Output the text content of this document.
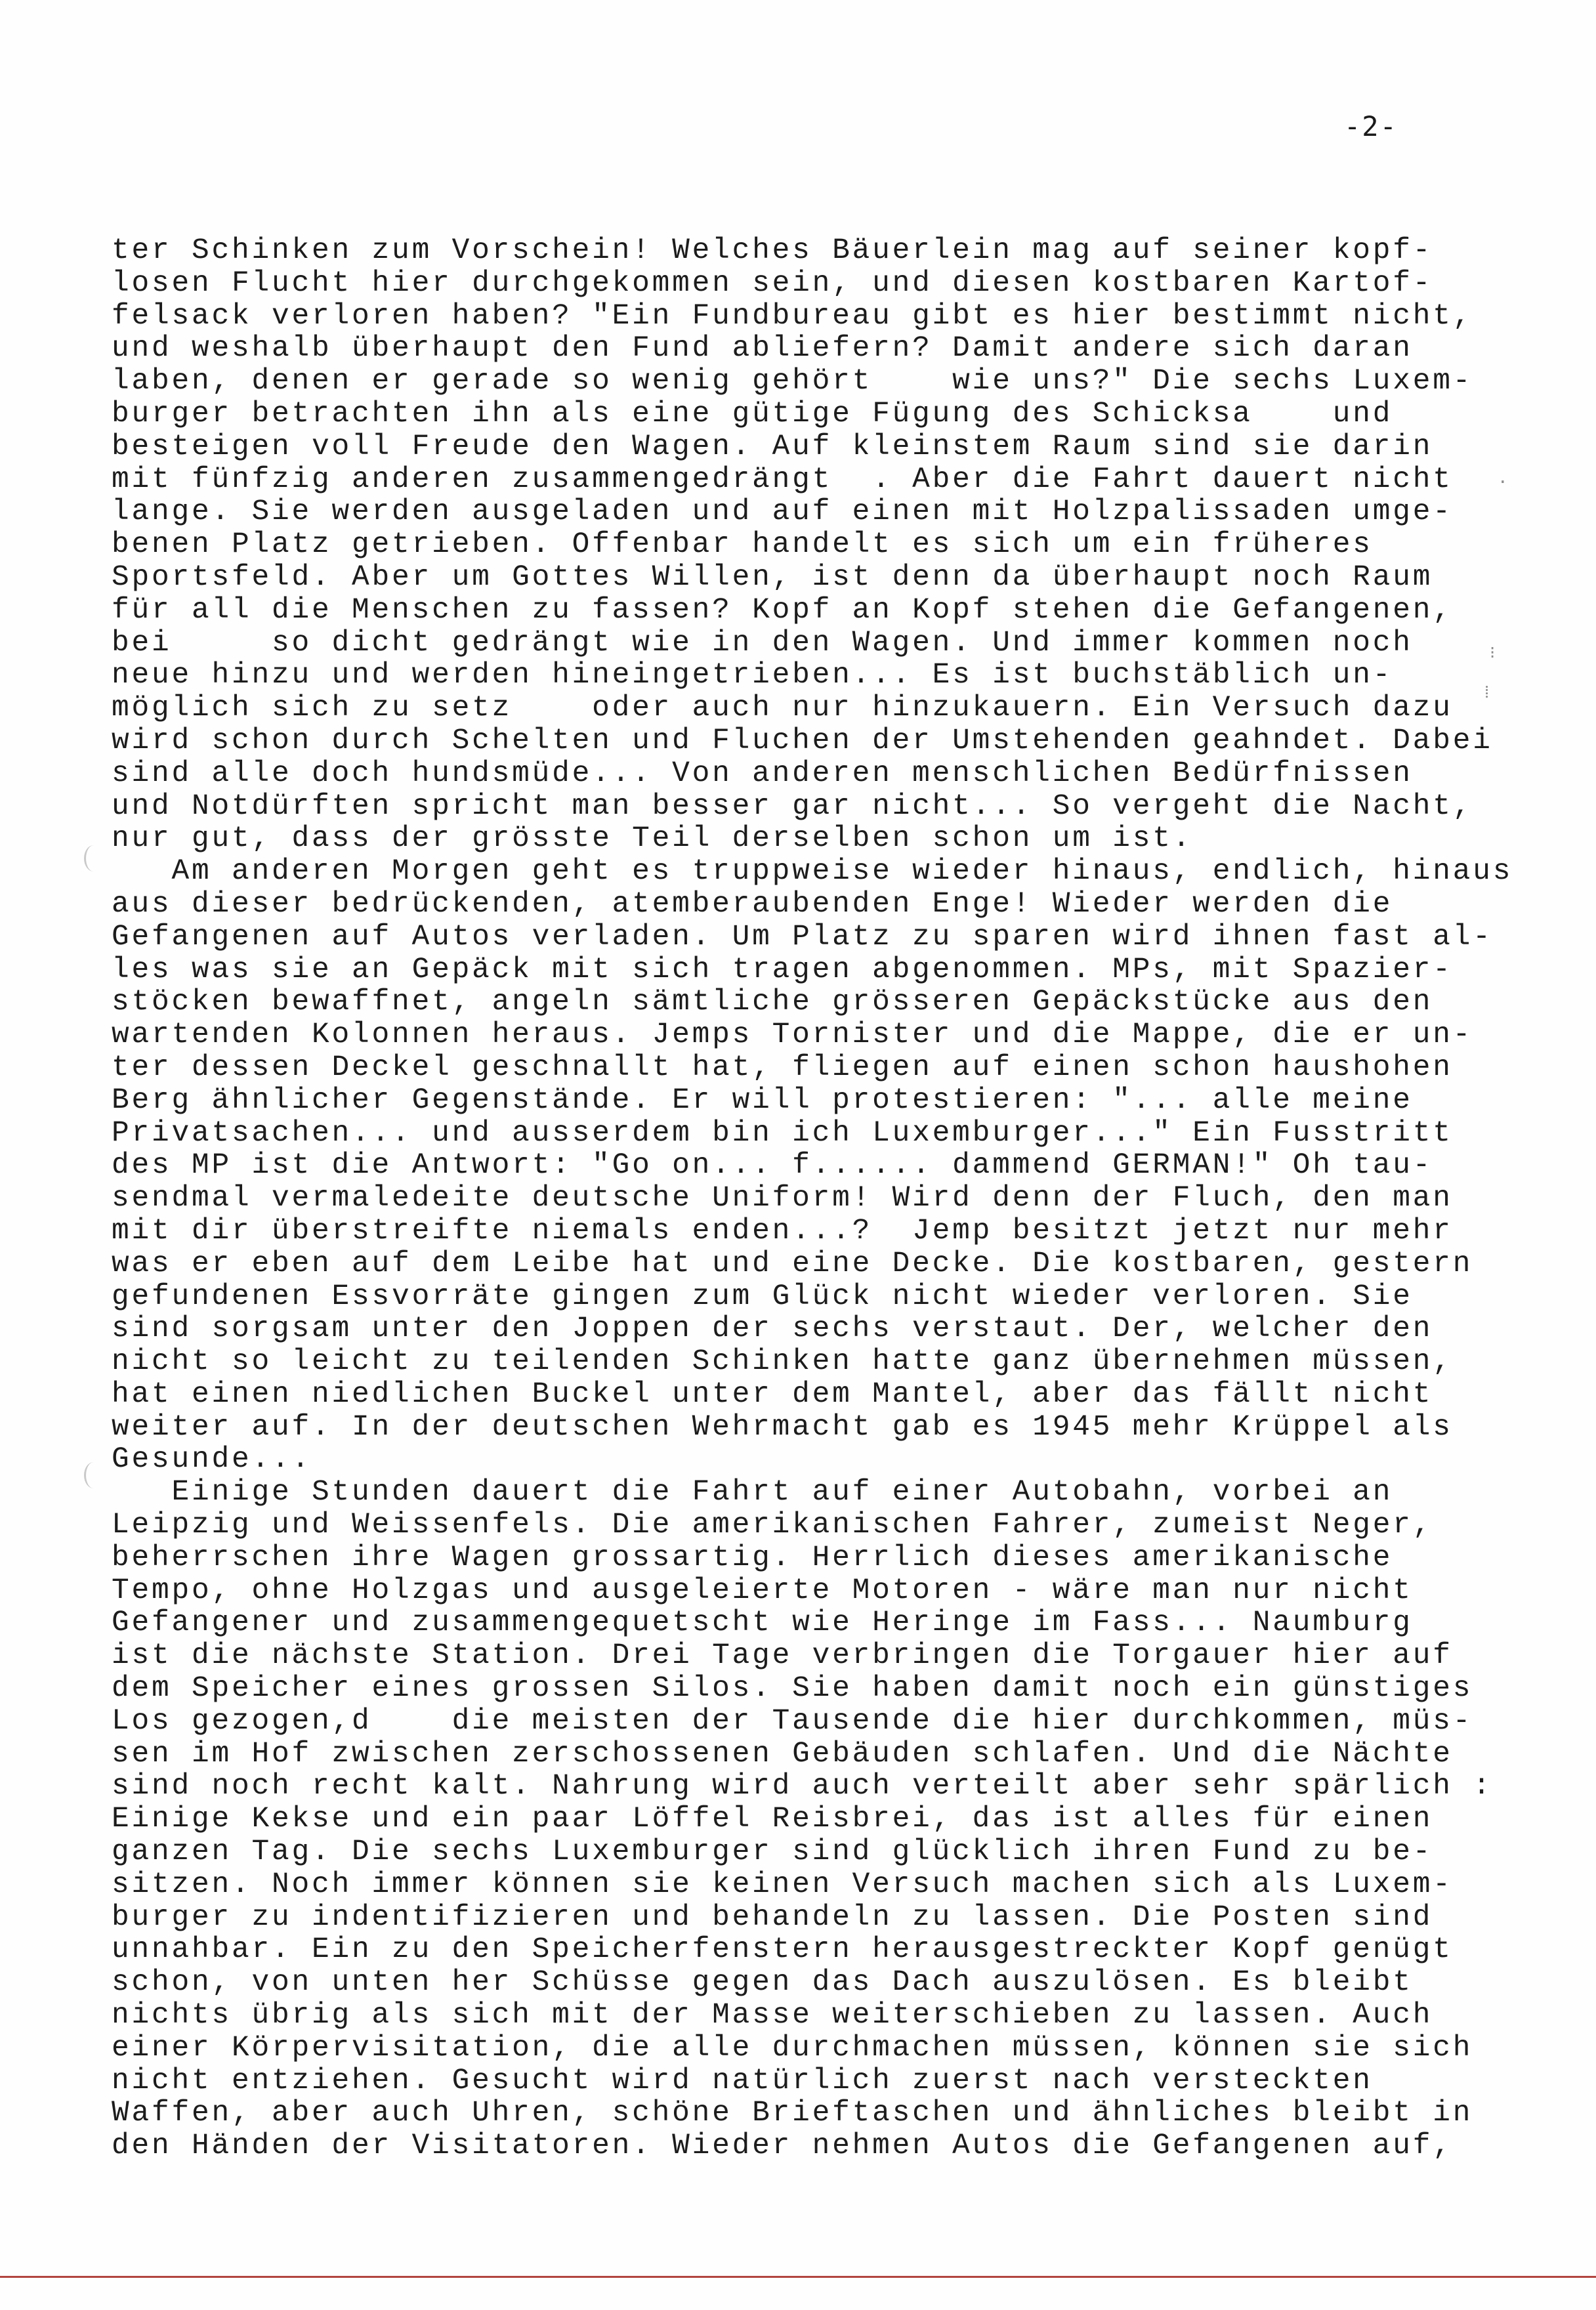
-2-
ter Schinken zum Vorschein! Welches Bäuerlein mag auf seiner kopf-
losen Flucht hier durchgekommen sein, und diesen kostbaren Kartof-
felsack verloren haben? "Ein Fundbureau gibt es hier bestimmt nicht,
und weshalb überhaupt den Fund abliefern? Damit andere sich daran
laben, denen er gerade so wenig gehört    wie uns?" Die sechs Luxem-
burger betrachten ihn als eine gütige Fügung des Schicksa    und
besteigen voll Freude den Wagen. Auf kleinstem Raum sind sie darin
mit fünfzig anderen zusammengedrängt  . Aber die Fahrt dauert nicht
lange. Sie werden ausgeladen und auf einen mit Holzpalissaden umge-
benen Platz getrieben. Offenbar handelt es sich um ein früheres
Sportsfeld. Aber um Gottes Willen, ist denn da überhaupt noch Raum
für all die Menschen zu fassen? Kopf an Kopf stehen die Gefangenen,
bei     so dicht gedrängt wie in den Wagen. Und immer kommen noch
neue hinzu und werden hineingetrieben... Es ist buchstäblich un-
möglich sich zu setz    oder auch nur hinzukauern. Ein Versuch dazu
wird schon durch Schelten und Fluchen der Umstehenden geahndet. Dabei
sind alle doch hundsmüde... Von anderen menschlichen Bedürfnissen
und Notdürften spricht man besser gar nicht... So vergeht die Nacht,
nur gut, dass der grösste Teil derselben schon um ist.
Am anderen Morgen geht es truppweise wieder hinaus, endlich, hinaus
aus dieser bedrückenden, atemberaubenden Enge! Wieder werden die
Gefangenen auf Autos verladen. Um Platz zu sparen wird ihnen fast al-
les was sie an Gepäck mit sich tragen abgenommen. MPs, mit Spazier-
stöcken bewaffnet, angeln sämtliche grösseren Gepäckstücke aus den
wartenden Kolonnen heraus. Jemps Tornister und die Mappe, die er un-
ter dessen Deckel geschnallt hat, fliegen auf einen schon haushohen
Berg ähnlicher Gegenstände. Er will protestieren: "... alle meine
Privatsachen... und ausserdem bin ich Luxemburger..." Ein Fusstritt
des MP ist die Antwort: "Go on... f...... dammend GERMAN!" Oh tau-
sendmal vermaledeite deutsche Uniform! Wird denn der Fluch, den man
mit dir überstreifte niemals enden...?  Jemp besitzt jetzt nur mehr
was er eben auf dem Leibe hat und eine Decke. Die kostbaren, gestern
gefundenen Essvorräte gingen zum Glück nicht wieder verloren. Sie
sind sorgsam unter den Joppen der sechs verstaut. Der, welcher den
nicht so leicht zu teilenden Schinken hatte ganz übernehmen müssen,
hat einen niedlichen Buckel unter dem Mantel, aber das fällt nicht
weiter auf. In der deutschen Wehrmacht gab es 1945 mehr Krüppel als
Gesunde...
Einige Stunden dauert die Fahrt auf einer Autobahn, vorbei an
Leipzig und Weissenfels. Die amerikanischen Fahrer, zumeist Neger,
beherrschen ihre Wagen grossartig. Herrlich dieses amerikanische
Tempo, ohne Holzgas und ausgeleierte Motoren - wäre man nur nicht
Gefangener und zusammengequetscht wie Heringe im Fass... Naumburg
ist die nächste Station. Drei Tage verbringen die Torgauer hier auf
dem Speicher eines grossen Silos. Sie haben damit noch ein günstiges
Los gezogen,d    die meisten der Tausende die hier durchkommen, müs-
sen im Hof zwischen zerschossenen Gebäuden schlafen. Und die Nächte
sind noch recht kalt. Nahrung wird auch verteilt aber sehr spärlich :
Einige Kekse und ein paar Löffel Reisbrei, das ist alles für einen
ganzen Tag. Die sechs Luxemburger sind glücklich ihren Fund zu be-
sitzen. Noch immer können sie keinen Versuch machen sich als Luxem-
burger zu indentifizieren und behandeln zu lassen. Die Posten sind
unnahbar. Ein zu den Speicherfenstern herausgestreckter Kopf genügt
schon, von unten her Schüsse gegen das Dach auszulösen. Es bleibt
nichts übrig als sich mit der Masse weiterschieben zu lassen. Auch
einer Körpervisitation, die alle durchmachen müssen, können sie sich
nicht entziehen. Gesucht wird natürlich zuerst nach versteckten
Waffen, aber auch Uhren, schöne Brieftaschen und ähnliches bleibt in
den Händen der Visitatoren. Wieder nehmen Autos die Gefangenen auf,
·
⁝
⁞
